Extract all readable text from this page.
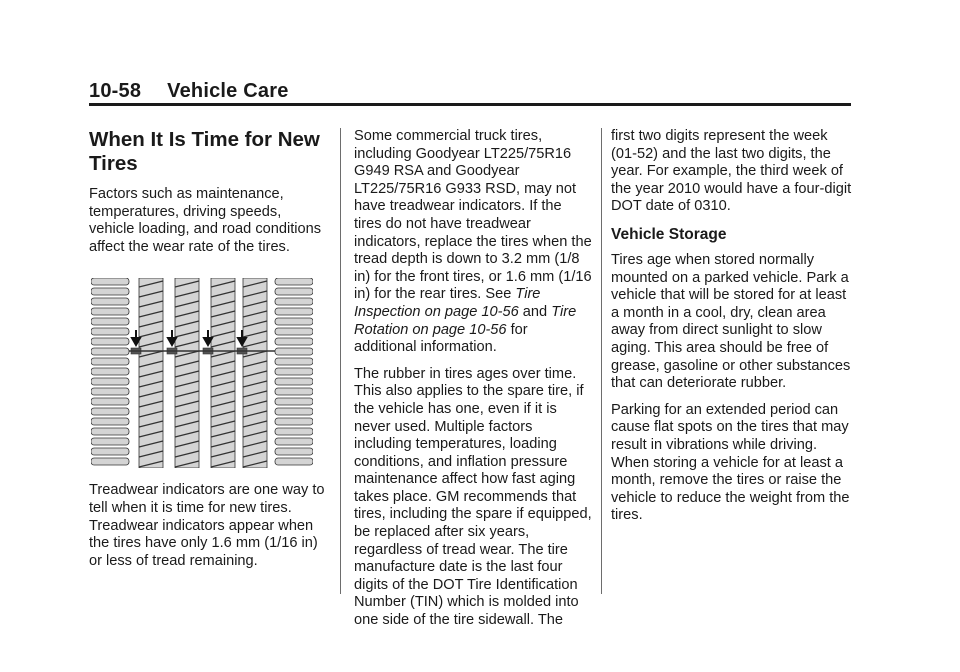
10-58 Vehicle Care
When It Is Time for New Tires

Factors such as maintenance, temperatures, driving speeds, vehicle loading, and road conditions affect the wear rate of the tires.

Treadwear indicators are one way to tell when it is time for new tires. Treadwear indicators appear when the tires have only 1.6 mm (1/16 in) or less of tread remaining.

Some commercial truck tires, including Goodyear LT225/75R16 G949 RSA and Goodyear LT225/75R16 G933 RSD, may not have treadwear indicators. If the tires do not have treadwear indicators, replace the tires when the tread depth is down to 3.2 mm (1/8 in) for the front tires, or 1.6 mm (1/16 in) for the rear tires. See Tire Inspection on page 10-56 and Tire Rotation on page 10-56 for additional information.

The rubber in tires ages over time. This also applies to the spare tire, if the vehicle has one, even if it is never used. Multiple factors including temperatures, loading conditions, and inflation pressure maintenance affect how fast aging takes place. GM recommends that tires, including the spare if equipped, be replaced after six years, regardless of tread wear. The tire manufacture date is the last four digits of the DOT Tire Identification Number (TIN) which is molded into one side of the tire sidewall. The

first two digits represent the week (01-52) and the last two digits, the year. For example, the third week of the year 2010 would have a four-digit DOT date of 0310.

Vehicle Storage

Tires age when stored normally mounted on a parked vehicle. Park a vehicle that will be stored for at least a month in a cool, dry, clean area away from direct sunlight to slow aging. This area should be free of grease, gasoline or other substances that can deteriorate rubber.

Parking for an extended period can cause flat spots on the tires that may result in vibrations while driving. When storing a vehicle for at least a month, remove the tires or raise the vehicle to reduce the weight from the tires.
